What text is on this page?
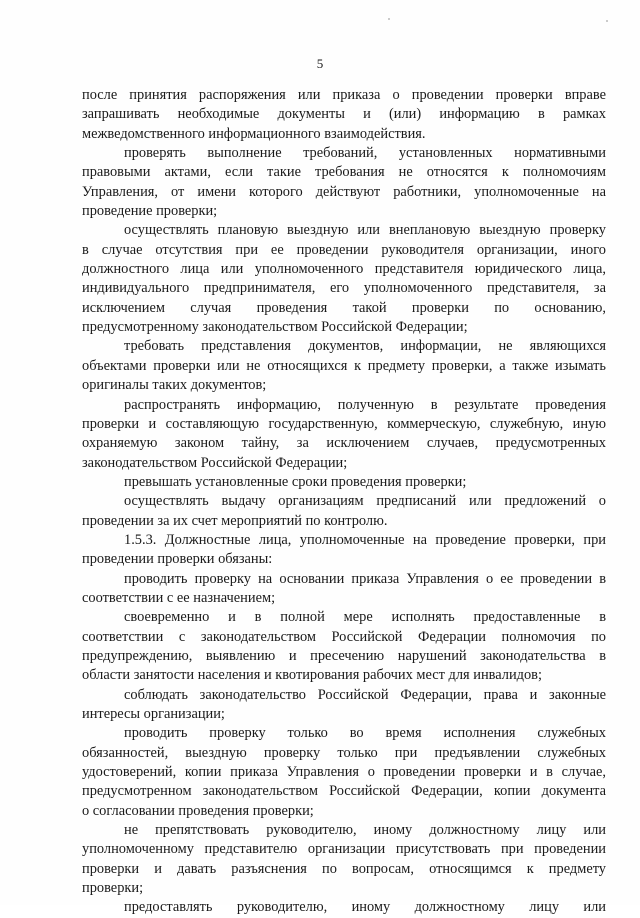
5
после принятия распоряжения или приказа о проведении проверки вправе
запрашивать необходимые документы и (или) информацию в рамках
межведомственного информационного взаимодействия.
проверять выполнение требований, установленных нормативными
правовыми актами, если такие требования не относятся к полномочиям
Управления, от имени которого действуют работники, уполномоченные на
проведение проверки;
осуществлять плановую выездную или внеплановую выездную проверку
в случае отсутствия при ее проведении руководителя организации, иного
должностного лица или уполномоченного представителя юридического лица,
индивидуального предпринимателя, его уполномоченного представителя, за
исключением случая проведения такой проверки по основанию,
предусмотренному законодательством Российской Федерации;
требовать представления документов, информации, не являющихся
объектами проверки или не относящихся к предмету проверки, а также изымать
оригиналы таких документов;
распространять информацию, полученную в результате проведения
проверки и составляющую государственную, коммерческую, служебную, иную
охраняемую законом тайну, за исключением случаев, предусмотренных
законодательством Российской Федерации;
превышать установленные сроки проведения проверки;
осуществлять выдачу организациям предписаний или предложений о
проведении за их счет мероприятий по контролю.
1.5.3. Должностные лица, уполномоченные на проведение проверки, при
проведении проверки обязаны:
проводить проверку на основании приказа Управления о ее проведении в
соответствии с ее назначением;
своевременно и в полной мере исполнять предоставленные в
соответствии с законодательством Российской Федерации полномочия по
предупреждению, выявлению и пресечению нарушений законодательства в
области занятости населения и квотирования рабочих мест для инвалидов;
соблюдать законодательство Российской Федерации, права и законные
интересы организации;
проводить проверку только во время исполнения служебных
обязанностей, выездную проверку только при предъявлении служебных
удостоверений, копии приказа Управления о проведении проверки и в случае,
предусмотренном законодательством Российской Федерации, копии документа
о согласовании проведения проверки;
не препятствовать руководителю, иному должностному лицу или
уполномоченному представителю организации присутствовать при проведении
проверки и давать разъяснения по вопросам, относящимся к предмету
проверки;
предоставлять руководителю, иному должностному лицу или
